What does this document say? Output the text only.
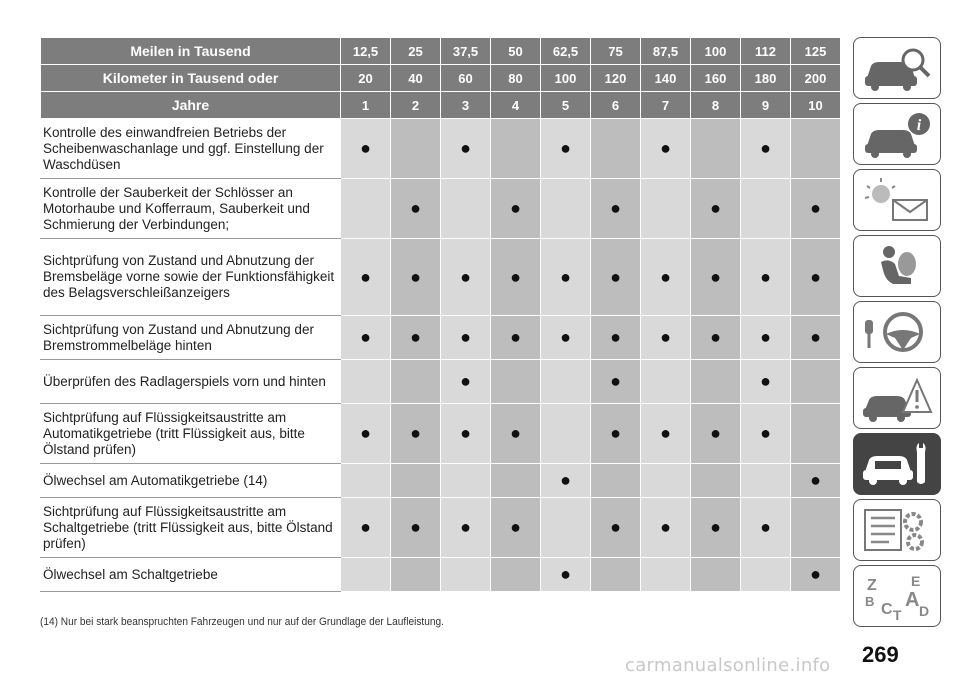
Meilen in Tausend	12,5	25	37,5	50	62,5	75	87,5	100	112	125
Kilometer in Tausend oder	20	40	60	80	100	120	140	160	180	200
Jahre	1	2	3	4	5	6	7	8	9	10
Kontrolle des einwandfreien Betriebs der Scheibenwaschanlage und ggf. Einstellung der Waschdüsen	●		●		●		●		●	
Kontrolle der Sauberkeit der Schlösser an Motorhaube und Kofferraum, Sauberkeit und Schmierung der Verbindungen;		●		●		●		●		●
Sichtprüfung von Zustand und Abnutzung der Bremsbeläge vorne sowie der Funktionsfähigkeit des Belagsverschleißanzeigers	●	●	●	●	●	●	●	●	●	●
Sichtprüfung von Zustand und Abnutzung der Bremstrommelbeläge hinten	●	●	●	●	●	●	●	●	●	●
Überprüfen des Radlagerspiels vorn und hinten			●			●			●	
Sichtprüfung auf Flüssigkeitsaustritte am Automatikgetriebe (tritt Flüssigkeit aus, bitte Ölstand prüfen)	●	●	●	●		●	●	●	●	
Ölwechsel am Automatikgetriebe (14)					●					●
Sichtprüfung auf Flüssigkeitsaustritte am Schaltgetriebe (tritt Flüssigkeit aus, bitte Ölstand prüfen)	●	●	●	●		●	●	●	●	
Ölwechsel am Schaltgetriebe					●					●
(14) Nur bei stark beanspruchten Fahrzeugen und nur auf der Grundlage der Laufleistung.
269
carmanualsonline.info
i
Z E
B A
C D
T
